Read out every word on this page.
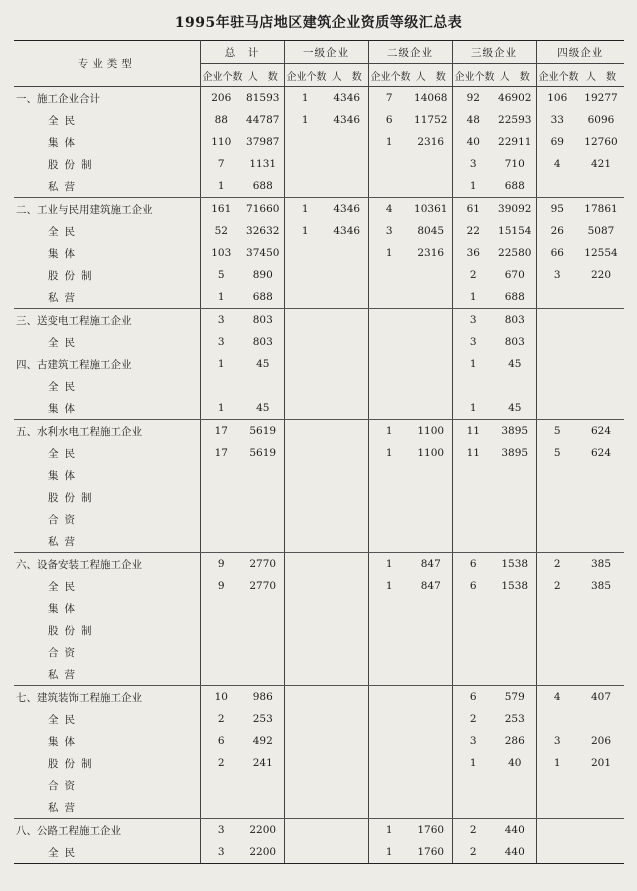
1995年驻马店地区建筑企业资质等级汇总表
专业类型	总　计		一级企业		二级企业		三级企业		四级企业	
	企业个数	人　数	企业个数	人　数	企业个数	人　数	企业个数	人　数	企业个数	人　数
一、施工企业合计	206	81593	1	4346	7	14068	92	46902	106	19277
全民	88	44787	1	4346	6	11752	48	22593	33	6096
集体	110	37987			1	2316	40	22911	69	12760
股份制	7	1131					3	710	4	421
私营	1	688					1	688		
二、工业与民用建筑施工企业	161	71660	1	4346	4	10361	61	39092	95	17861
全民	52	32632	1	4346	3	8045	22	15154	26	5087
集体	103	37450			1	2316	36	22580	66	12554
股份制	5	890					2	670	3	220
私营	1	688					1	688		
三、送变电工程施工企业	3	803					3	803		
全民	3	803					3	803		
四、古建筑工程施工企业	1	45					1	45		
全民										
集体	1	45					1	45		
五、水利水电工程施工企业	17	5619			1	1100	11	3895	5	624
全民	17	5619			1	1100	11	3895	5	624
集体										
股份制										
合资										
私营										
六、设备安装工程施工企业	9	2770			1	847	6	1538	2	385
全民	9	2770			1	847	6	1538	2	385
集体										
股份制										
合资										
私营										
七、建筑装饰工程施工企业	10	986					6	579	4	407
全民	2	253					2	253		
集体	6	492					3	286	3	206
股份制	2	241					1	40	1	201
合资										
私营										
八、公路工程施工企业	3	2200			1	1760	2	440		
全民	3	2200			1	1760	2	440		
